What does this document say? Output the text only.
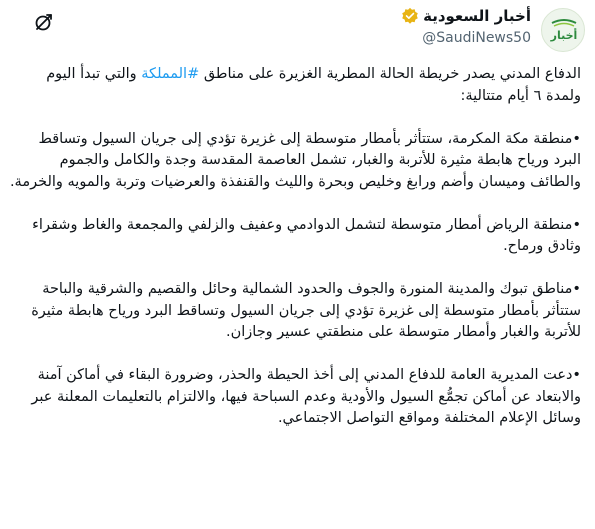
أخبار
أخبار السعودية
@SaudiNews50

الدفاع المدني يصدر خريطة الحالة المطرية الغزيرة على مناطق #المملكة والتي تبدأ اليوم ولمدة ٦ أيام متتالية:

•منطقة مكة المكرمة، ستتأثر بأمطار متوسطة إلى غزيرة تؤدي إلى جريان السيول وتساقط البرد ورياح هابطة مثيرة للأتربة والغبار، تشمل العاصمة المقدسة وجدة والكامل والجموم والطائف وميسان وأضم ورابغ وخليص وبحرة والليث والقنفذة والعرضيات وتربة والمويه والخرمة.

•منطقة الرياض أمطار متوسطة لتشمل الدوادمي وعفيف والزلفي والمجمعة والغاط وشقراء وثادق ورماح.

•مناطق تبوك والمدينة المنورة والجوف والحدود الشمالية وحائل والقصيم والشرقية والباحة ستتأثر بأمطار متوسطة إلى غزيرة تؤدي إلى جريان السيول وتساقط البرد ورياح هابطة مثيرة للأتربة والغبار وأمطار متوسطة على منطقتي عسير وجازان.

•دعت المديرية العامة للدفاع المدني إلى أخذ الحيطة والحذر، وضرورة البقاء في أماكن آمنة والابتعاد عن أماكن تجمُّع السيول والأودية وعدم السباحة فيها، والالتزام بالتعليمات المعلنة عبر وسائل الإعلام المختلفة ومواقع التواصل الاجتماعي.
